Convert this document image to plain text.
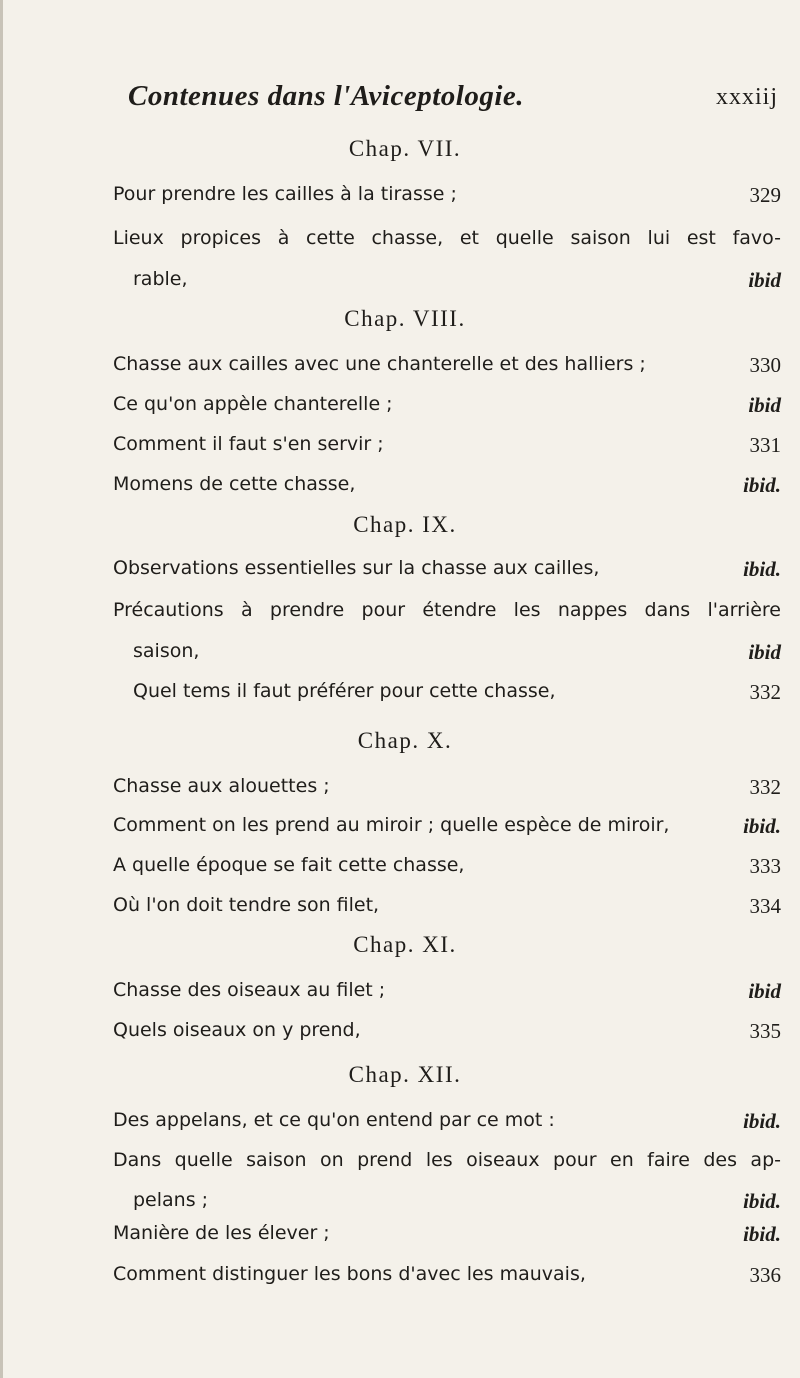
Contenues dans l'Aviceptologie.	xxxiij
Chap. VII.
Pour prendre les cailles à la tirasse ;	329
Lieux propices à cette chasse, et quelle saison lui est favo-
rable,	ibid
Chap. VIII.
Chasse aux cailles avec une chanterelle et des halliers ;	330
Ce qu'on appèle chanterelle ;	ibid
Comment il faut s'en servir ;	331
Momens de cette chasse,	ibid.
Chap. IX.
Observations essentielles sur la chasse aux cailles,	ibid.
Précautions à prendre pour étendre les nappes dans l'arrière
saison,	ibid
Quel tems il faut préférer pour cette chasse,	332
Chap. X.
Chasse aux alouettes ;	332
Comment on les prend au miroir ; quelle espèce de miroir,	ibid.
A quelle époque se fait cette chasse,	333
Où l'on doit tendre son filet,	334
Chap. XI.
Chasse des oiseaux au filet ;	ibid
Quels oiseaux on y prend,	335
Chap. XII.
Des appelans, et ce qu'on entend par ce mot :	ibid.
Dans quelle saison on prend les oiseaux pour en faire des ap-
pelans ;	ibid.
Manière de les élever ;	ibid.
Comment distinguer les bons d'avec les mauvais,	336
